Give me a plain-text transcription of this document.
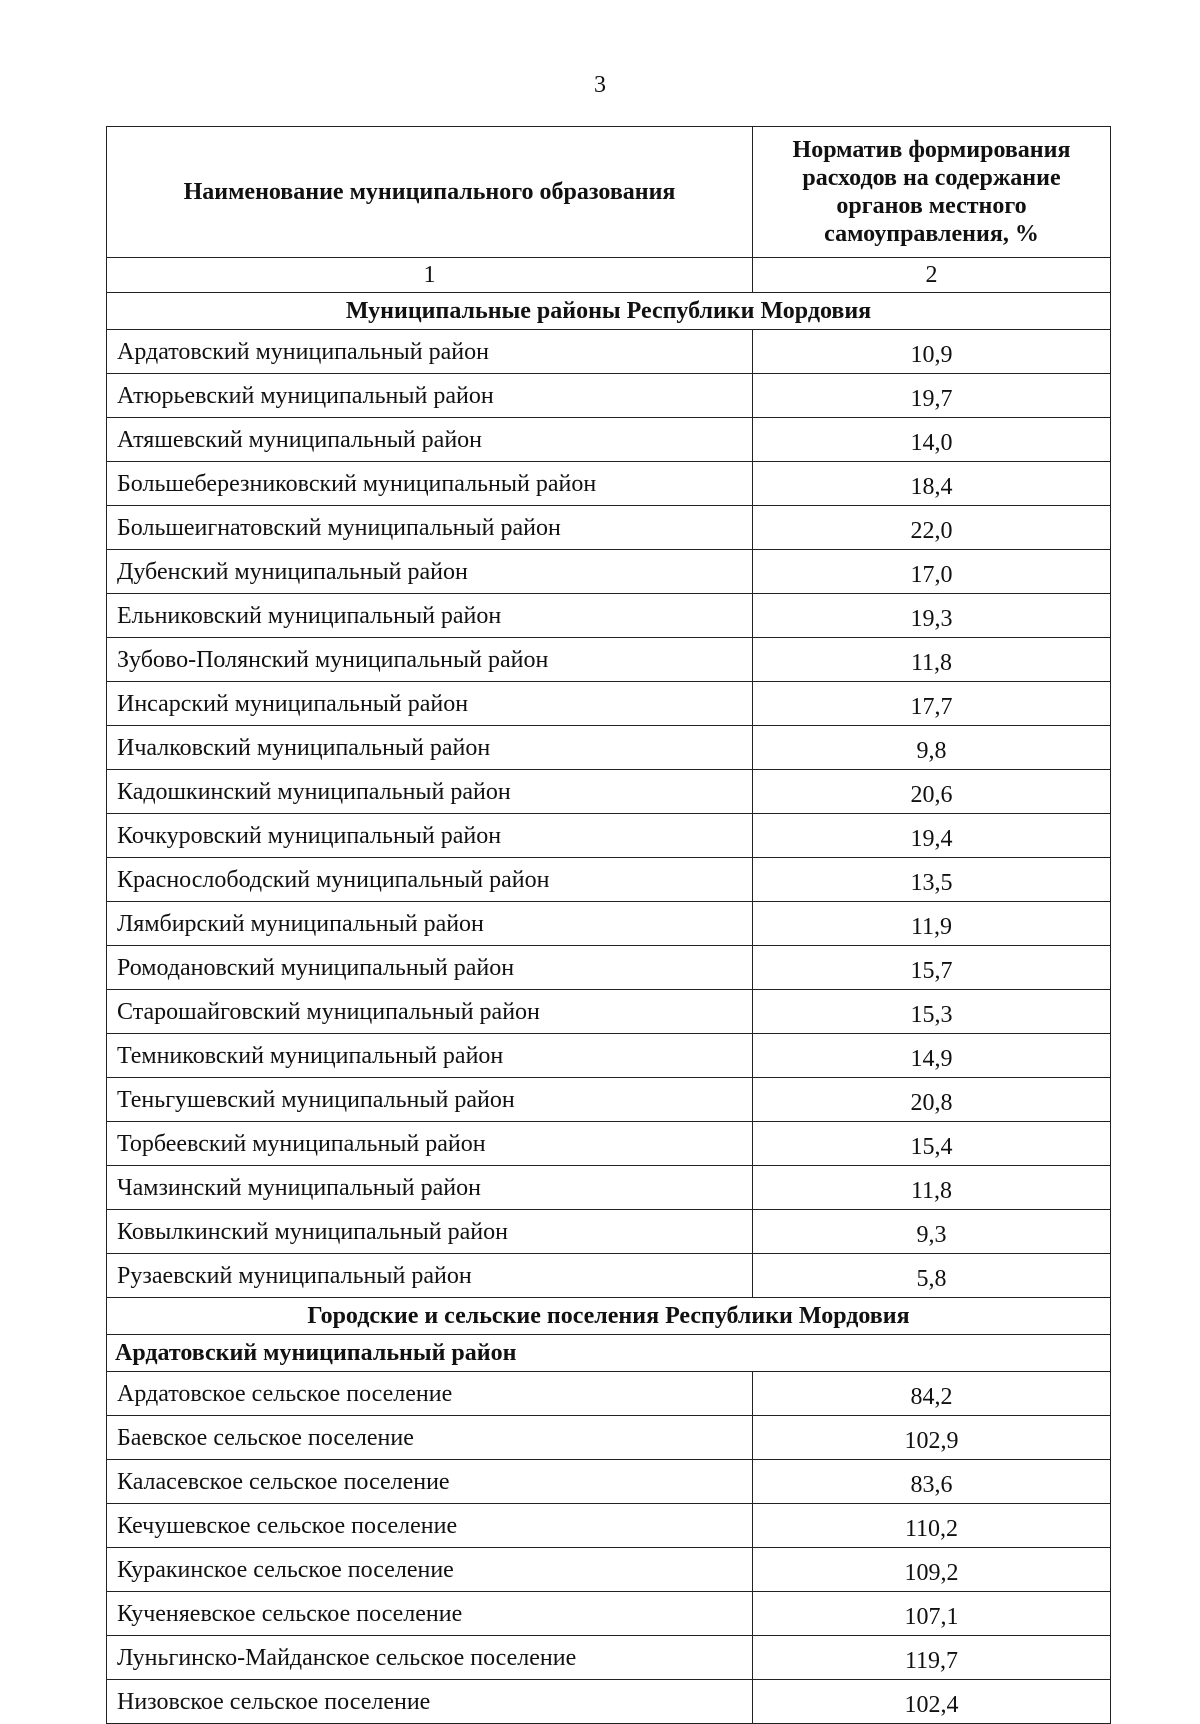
3
Наименование муниципального образования	Норматив формирования расходов на содержание органов местного самоуправления, %
1	2
Муниципальные районы Республики Мордовия	
Ардатовский муниципальный район	10,9
Атюрьевский муниципальный район	19,7
Атяшевский муниципальный район	14,0
Большеберезниковский муниципальный район	18,4
Большеигнатовский муниципальный район	22,0
Дубенский муниципальный район	17,0
Ельниковский муниципальный район	19,3
Зубово-Полянский муниципальный район	11,8
Инсарский муниципальный район	17,7
Ичалковский муниципальный район	9,8
Кадошкинский муниципальный район	20,6
Кочкуровский муниципальный район	19,4
Краснослободский муниципальный район	13,5
Лямбирский муниципальный район	11,9
Ромодановский муниципальный район	15,7
Старошайговский муниципальный район	15,3
Темниковский муниципальный район	14,9
Теньгушевский муниципальный район	20,8
Торбеевский муниципальный район	15,4
Чамзинский муниципальный район	11,8
Ковылкинский муниципальный район	9,3
Рузаевский муниципальный район	5,8
Городские и сельские поселения Республики Мордовия	
Ардатовский муниципальный район	
Ардатовское сельское поселение	84,2
Баевское сельское поселение	102,9
Каласевское сельское поселение	83,6
Кечушевское сельское поселение	110,2
Куракинское сельское поселение	109,2
Кученяевское сельское поселение	107,1
Луньгинско-Майданское сельское поселение	119,7
Низовское сельское поселение	102,4
